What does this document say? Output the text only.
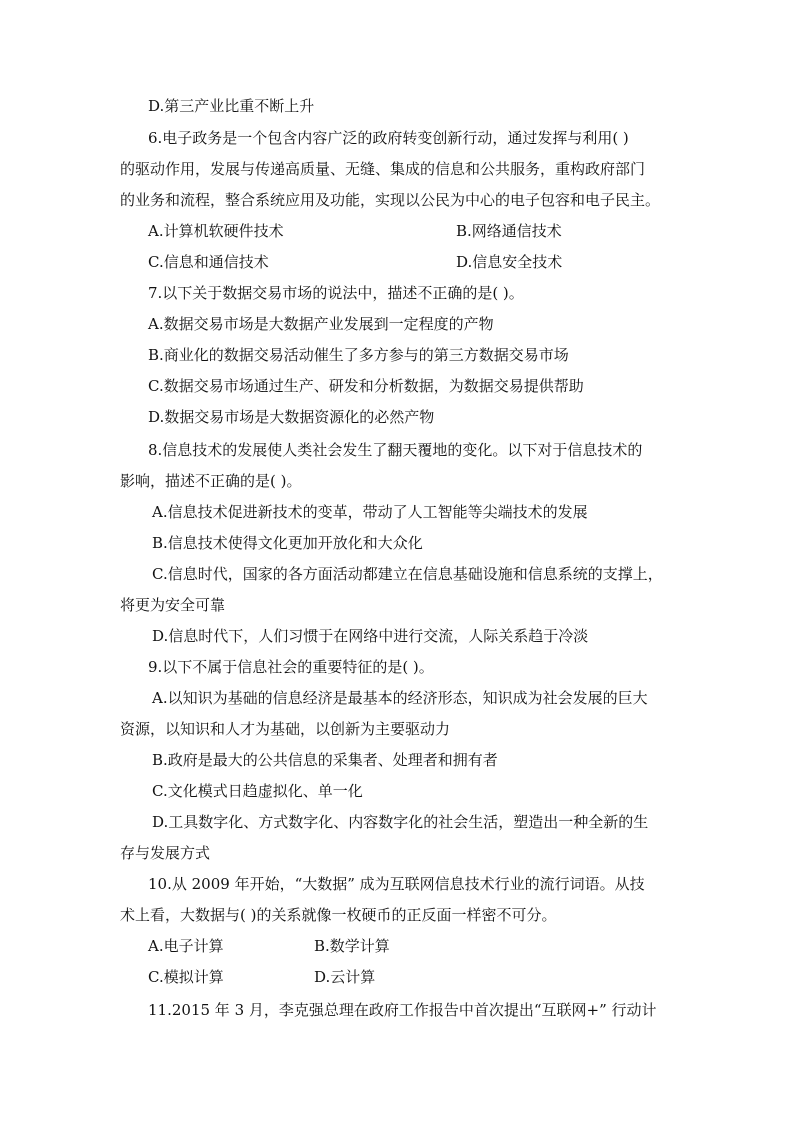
D.第三产业比重不断上升
6.电子政务是一个包含内容广泛的政府转变创新行动，通过发挥与利用( )
的驱动作用，发展与传递高质量、无缝、集成的信息和公共服务，重构政府部门
的业务和流程，整合系统应用及功能，实现以公民为中心的电子包容和电子民主。
A.计算机软硬件技术	B.网络通信技术
C.信息和通信技术	D.信息安全技术
7.以下关于数据交易市场的说法中，描述不正确的是( )。
A.数据交易市场是大数据产业发展到一定程度的产物
B.商业化的数据交易活动催生了多方参与的第三方数据交易市场
C.数据交易市场通过生产、研发和分析数据，为数据交易提供帮助
D.数据交易市场是大数据资源化的必然产物
8.信息技术的发展使人类社会发生了翻天覆地的变化。以下对于信息技术的
影响，描述不正确的是( )。
A.信息技术促进新技术的变革，带动了人工智能等尖端技术的发展
B.信息技术使得文化更加开放化和大众化
C.信息时代，国家的各方面活动都建立在信息基础设施和信息系统的支撑上，
将更为安全可靠
D.信息时代下，人们习惯于在网络中进行交流，人际关系趋于冷淡
9.以下不属于信息社会的重要特征的是( )。
A.以知识为基础的信息经济是最基本的经济形态，知识成为社会发展的巨大
资源，以知识和人才为基础，以创新为主要驱动力
B.政府是最大的公共信息的采集者、处理者和拥有者
C.文化模式日趋虚拟化、单一化
D.工具数字化、方式数字化、内容数字化的社会生活，塑造出一种全新的生
存与发展方式
10.从 2009 年开始，“大数据” 成为互联网信息技术行业的流行词语。从技
术上看，大数据与( )的关系就像一枚硬币的正反面一样密不可分。
A.电子计算	B.数学计算
C.模拟计算	D.云计算
11.2015 年 3 月，李克强总理在政府工作报告中首次提出“互联网+” 行动计
